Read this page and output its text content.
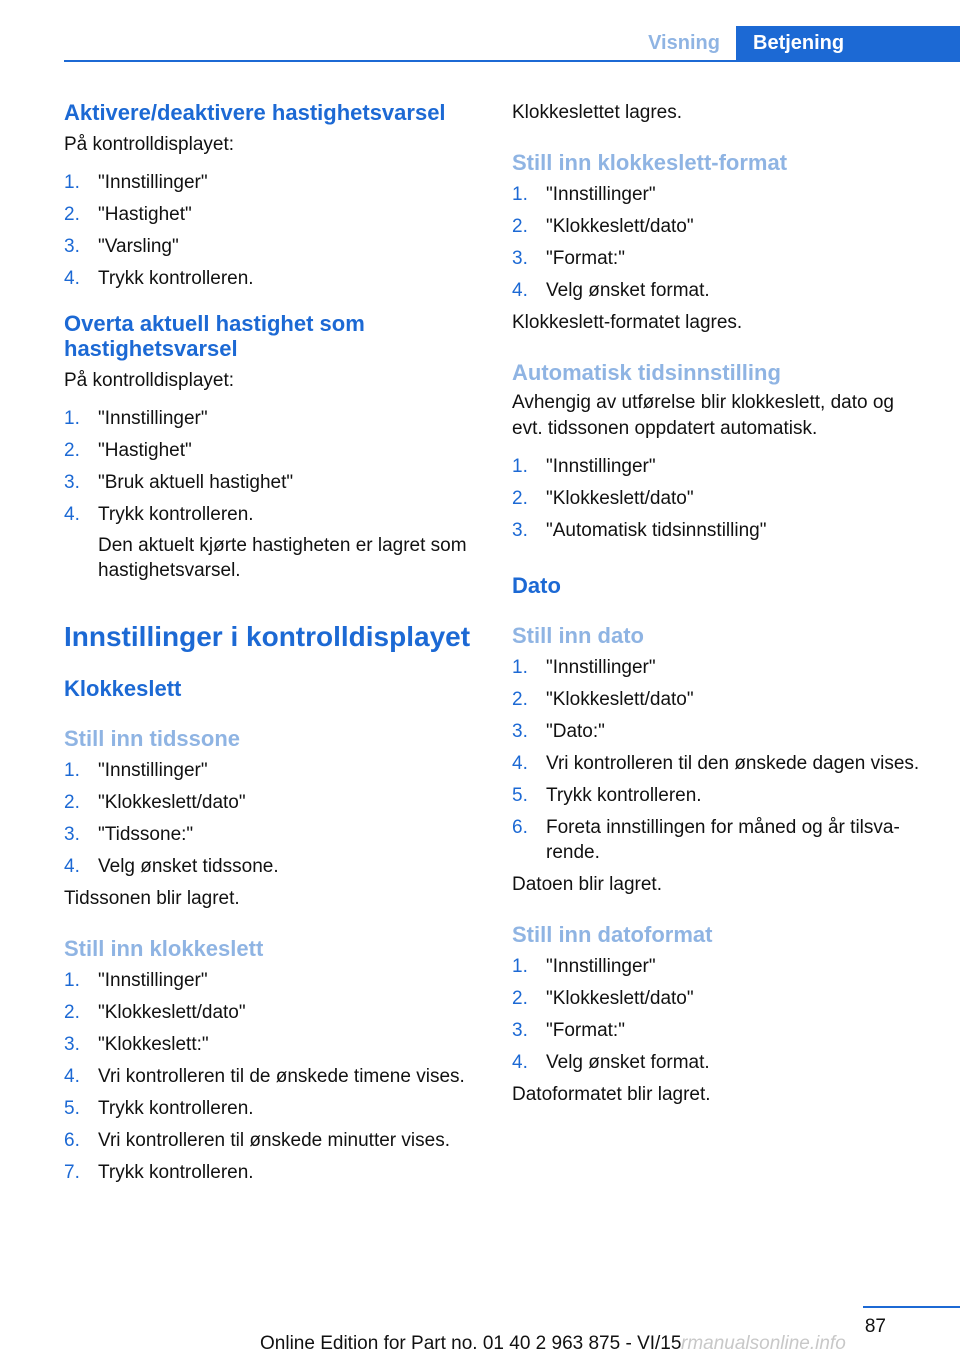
Visning	Betjening
Aktivere/deaktivere hastighetsvarsel

På kontrolldisplayet:

1. "Innstillinger"
2. "Hastighet"
3. "Varsling"
4. Trykk kontrolleren.
Overta aktuell hastighet som hastighetsvarsel

På kontrolldisplayet:

1. "Innstillinger"
2. "Hastighet"
3. "Bruk aktuell hastighet"
4. Trykk kontrolleren.
Den aktuelt kjørte hastigheten er lagret som hastighetsvarsel.
Innstillinger i kontrolldisplayet
Klokkeslett
Still inn tidssone
1. "Innstillinger"
2. "Klokkeslett/dato"
3. "Tidssone:"
4. Velg ønsket tidssone.

Tidssonen blir lagret.

Still inn klokkeslett
1. "Innstillinger"
2. "Klokkeslett/dato"
3. "Klokkeslett:"
4. Vri kontrolleren til de ønskede timene vises.
5. Trykk kontrolleren.
6. Vri kontrolleren til ønskede minutter vises.
7. Trykk kontrolleren.

Klokkeslettet lagres.

Still inn klokkeslett-format
1. "Innstillinger"
2. "Klokkeslett/dato"
3. "Format:"
4. Velg ønsket format.

Klokkeslett-formatet lagres.

Automatisk tidsinnstilling

Avhengig av utførelse blir klokkeslett, dato og evt. tidssonen oppdatert automatisk.

1. "Innstillinger"
2. "Klokkeslett/dato"
3. "Automatisk tidsinnstilling"
Dato
Still inn dato
1. "Innstillinger"
2. "Klokkeslett/dato"
3. "Dato:"
4. Vri kontrolleren til den ønskede dagen vises.
5. Trykk kontrolleren.
6. Foreta innstillingen for måned og år tilsvarende.

Datoen blir lagret.

Still inn datoformat
1. "Innstillinger"
2. "Klokkeslett/dato"
3. "Format:"
4. Velg ønsket format.

Datoformatet blir lagret.

87
Online Edition for Part no. 01 40 2 963 875 - VI/15 rmanualsonline.info
